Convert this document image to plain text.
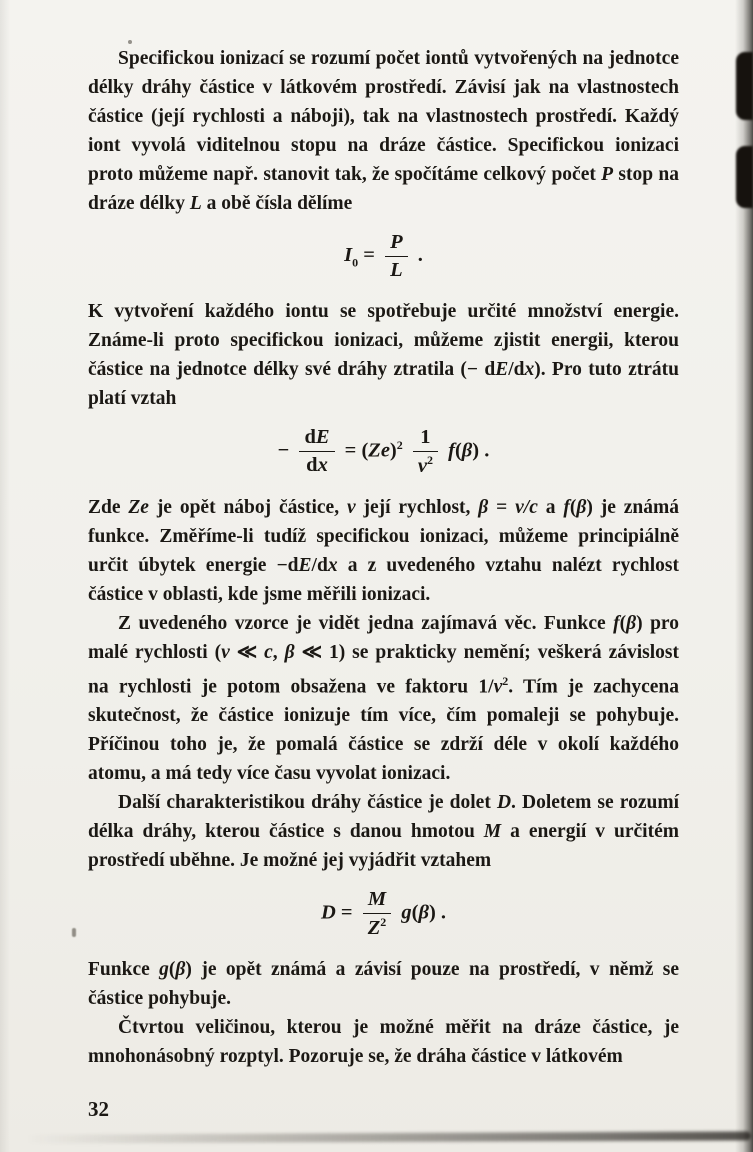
Specifickou ionizací se rozumí počet iontů vytvořených na jednotce délky dráhy částice v látkovém prostředí. Závisí jak na vlastnostech částice (její rychlosti a náboji), tak na vlastnostech prostředí. Každý iont vyvolá viditelnou stopu na dráze částice. Specifickou ionizaci proto můžeme např. stanovit tak, že spočítáme celkový počet P stop na dráze délky L a obě čísla dělíme

$I_0 = \frac{P}{L}$ .

K vytvoření každého iontu se spotřebuje určité množství energie. Známe-li proto specifickou ionizaci, můžeme zjistit energii, kterou částice na jednotce délky své dráhy ztratila (− dE/dx). Pro tuto ztrátu platí vztah

− $\frac{dE}{dx} = (Ze)^2 \frac{1}{v^2} f(\beta)$ .

Zde Ze je opět náboj částice, v její rychlost, β = v/c a f(β) je známá funkce. Změříme-li tudíž specifickou ionizaci, můžeme principiálně určit úbytek energie −dE/dx a z uvedeného vztahu nalézt rychlost částice v oblasti, kde jsme měřili ionizaci.

Z uvedeného vzorce je vidět jedna zajímavá věc. Funkce f(β) pro malé rychlosti (v ≪ c, β ≪ 1) se prakticky nemění; veškerá závislost na rychlosti je potom obsažena ve faktoru $1/v^2$. Tím je zachycena skutečnost, že částice ionizuje tím více, čím pomaleji se pohybuje. Příčinou toho je, že pomalá částice se zdrží déle v okolí každého atomu, a má tedy více času vyvolat ionizaci.

Další charakteristikou dráhy částice je dolet D. Doletem se rozumí délka dráhy, kterou částice s danou hmotou M a energií v určitém prostředí uběhne. Je možné jej vyjádřit vztahem

$D = \frac{M}{Z^2} g(\beta)$ .

Funkce g(β) je opět známá a závisí pouze na prostředí, v němž se částice pohybuje.

Čtvrtou veličinou, kterou je možné měřit na dráze částice, je mnohonásobný rozptyl. Pozoruje se, že dráha částice v látkovém

32
